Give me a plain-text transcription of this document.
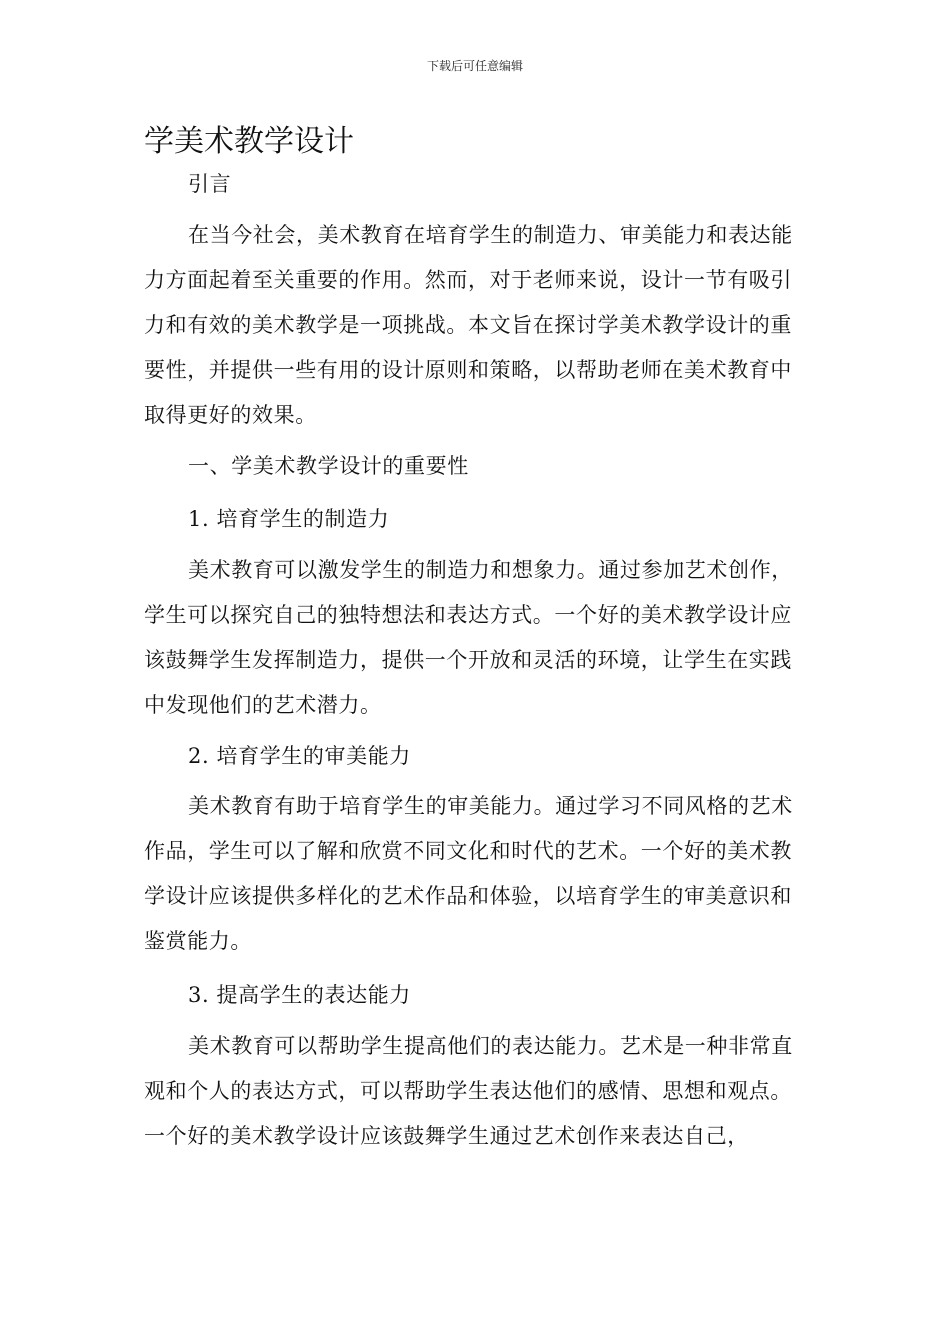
下载后可任意编辑
学美术教学设计
引言
在当今社会，美术教育在培育学生的制造力、审美能力和表达能力方面起着至关重要的作用。然而，对于老师来说，设计一节有吸引力和有效的美术教学是一项挑战。本文旨在探讨学美术教学设计的重要性，并提供一些有用的设计原则和策略，以帮助老师在美术教育中取得更好的效果。
一、学美术教学设计的重要性
1. 培育学生的制造力
美术教育可以激发学生的制造力和想象力。通过参加艺术创作，学生可以探究自己的独特想法和表达方式。一个好的美术教学设计应该鼓舞学生发挥制造力，提供一个开放和灵活的环境，让学生在实践中发现他们的艺术潜力。
2. 培育学生的审美能力
美术教育有助于培育学生的审美能力。通过学习不同风格的艺术作品，学生可以了解和欣赏不同文化和时代的艺术。一个好的美术教学设计应该提供多样化的艺术作品和体验，以培育学生的审美意识和鉴赏能力。
3. 提高学生的表达能力
美术教育可以帮助学生提高他们的表达能力。艺术是一种非常直观和个人的表达方式，可以帮助学生表达他们的感情、思想和观点。一个好的美术教学设计应该鼓舞学生通过艺术创作来表达自己，
